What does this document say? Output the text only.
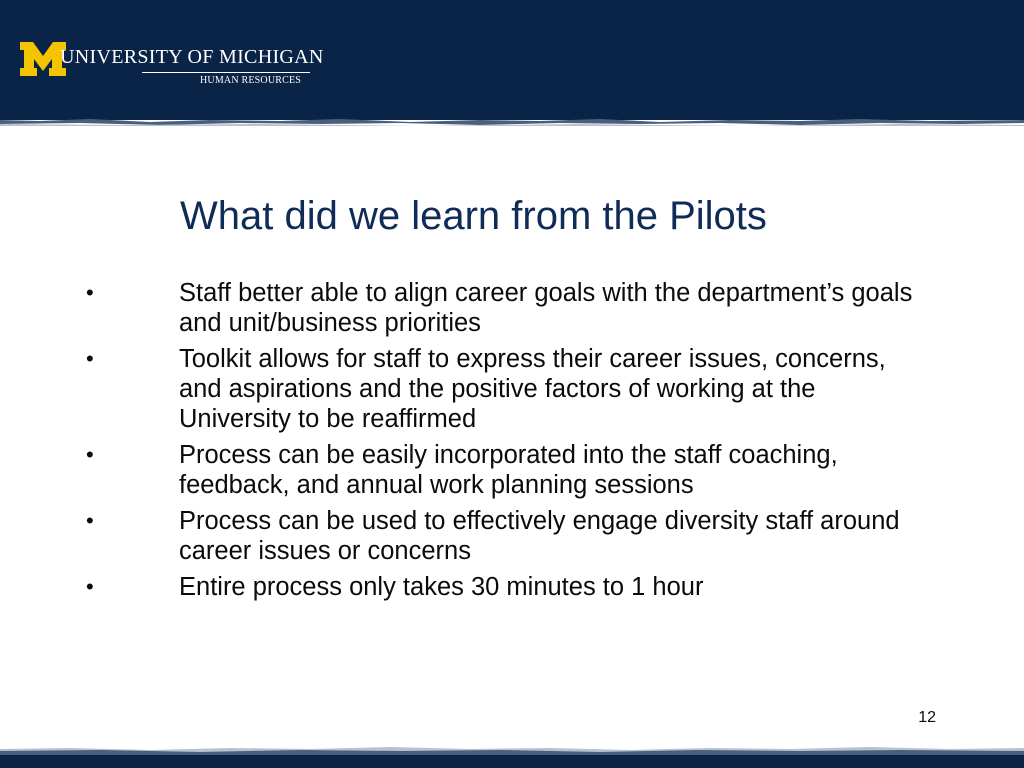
UNIVERSITY OF MICHIGAN
HUMAN RESOURCES
What did we learn from the Pilots
•	Staff better able to align career goals with the department’s goals and unit/business priorities
•	Toolkit allows for staff to express their career issues, concerns, and aspirations and the positive factors of working at the University to be reaffirmed
•	Process can be easily incorporated into the staff coaching, feedback, and annual work planning sessions
•	Process can be used to effectively engage diversity staff around career issues or concerns
•	Entire process only takes 30 minutes to 1 hour
12
